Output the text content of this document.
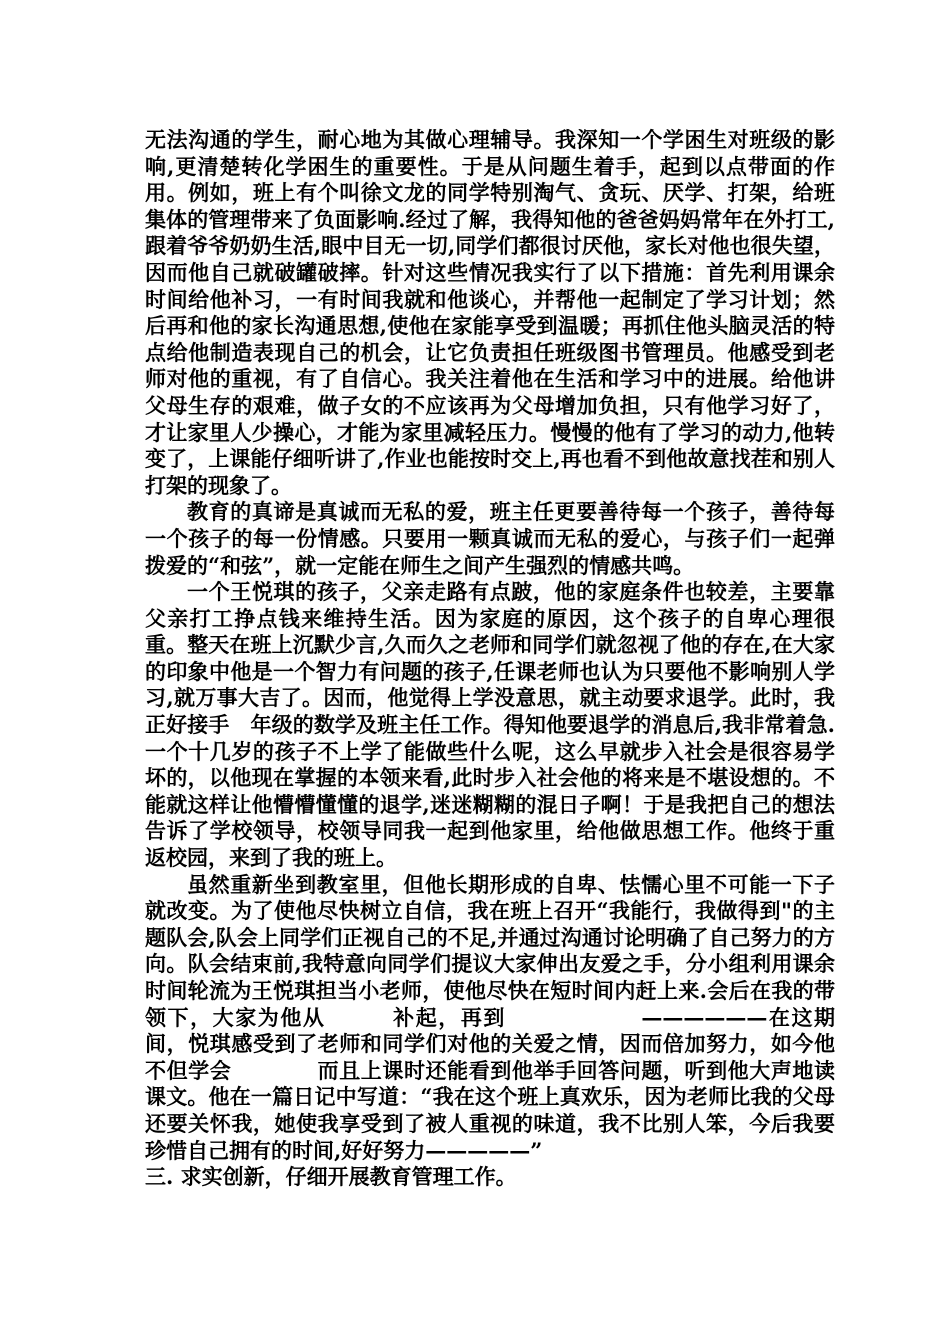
无法沟通的学生，耐心地为其做心理辅导。我深知一个学困生对班级的影响,更清楚转化学困生的重要性。于是从问题生着手，起到以点带面的作用。例如，班上有个叫徐文龙的同学特别淘气、贪玩、厌学、打架，给班集体的管理带来了负面影响.经过了解，我得知他的爸爸妈妈常年在外打工,跟着爷爷奶奶生活,眼中目无一切,同学们都很讨厌他，家长对他也很失望，因而他自己就破罐破摔。针对这些情况我实行了以下措施：首先利用课余时间给他补习，一有时间我就和他谈心，并帮他一起制定了学习计划；然后再和他的家长沟通思想,使他在家能享受到温暖；再抓住他头脑灵活的特点给他制造表现自己的机会，让它负责担任班级图书管理员。他感受到老师对他的重视，有了自信心。我关注着他在生活和学习中的进展。给他讲父母生存的艰难，做子女的不应该再为父母增加负担，只有他学习好了，才让家里人少操心，才能为家里减轻压力。慢慢的他有了学习的动力,他转变了，上课能仔细听讲了,作业也能按时交上,再也看不到他故意找茬和别人打架的现象了。

教育的真谛是真诚而无私的爱，班主任更要善待每一个孩子，善待每一个孩子的每一份情感。只要用一颗真诚而无私的爱心，与孩子们一起弹拨爱的“和弦”，就一定能在师生之间产生强烈的情感共鸣。

一个王悦琪的孩子，父亲走路有点跛，他的家庭条件也较差，主要靠父亲打工挣点钱来维持生活。因为家庭的原因，这个孩子的自卑心理很重。整天在班上沉默少言,久而久之老师和同学们就忽视了他的存在,在大家的印象中他是一个智力有问题的孩子,任课老师也认为只要他不影响别人学习,就万事大吉了。因而，他觉得上学没意思，就主动要求退学。此时，我正好接手　年级的数学及班主任工作。得知他要退学的消息后,我非常着急.一个十几岁的孩子不上学了能做些什么呢，这么早就步入社会是很容易学坏的，以他现在掌握的本领来看,此时步入社会他的将来是不堪设想的。不能就这样让他懵懵懂懂的退学,迷迷糊糊的混日子啊！于是我把自己的想法告诉了学校领导，校领导同我一起到他家里，给他做思想工作。他终于重返校园，来到了我的班上。

虽然重新坐到教室里，但他长期形成的自卑、怯懦心里不可能一下子就改变。为了使他尽快树立自信，我在班上召开“我能行，我做得到"的主题队会,队会上同学们正视自己的不足,并通过沟通讨论明确了自己努力的方向。队会结束前,我特意向同学们提议大家伸出友爱之手，分小组利用课余时间轮流为王悦琪担当小老师，使他尽快在短时间内赶上来.会后在我的带领下，大家为他从　　　补起，再到　　　　　　——————在这期间，悦琪感受到了老师和同学们对他的关爱之情，因而倍加努力，如今他不但学会　　　　而且上课时还能看到他举手回答问题，听到他大声地读课文。他在一篇日记中写道：“我在这个班上真欢乐，因为老师比我的父母还要关怀我，她使我享受到了被人重视的味道，我不比别人笨，今后我要珍惜自己拥有的时间,好好努力—————”

三. 求实创新，仔细开展教育管理工作。
